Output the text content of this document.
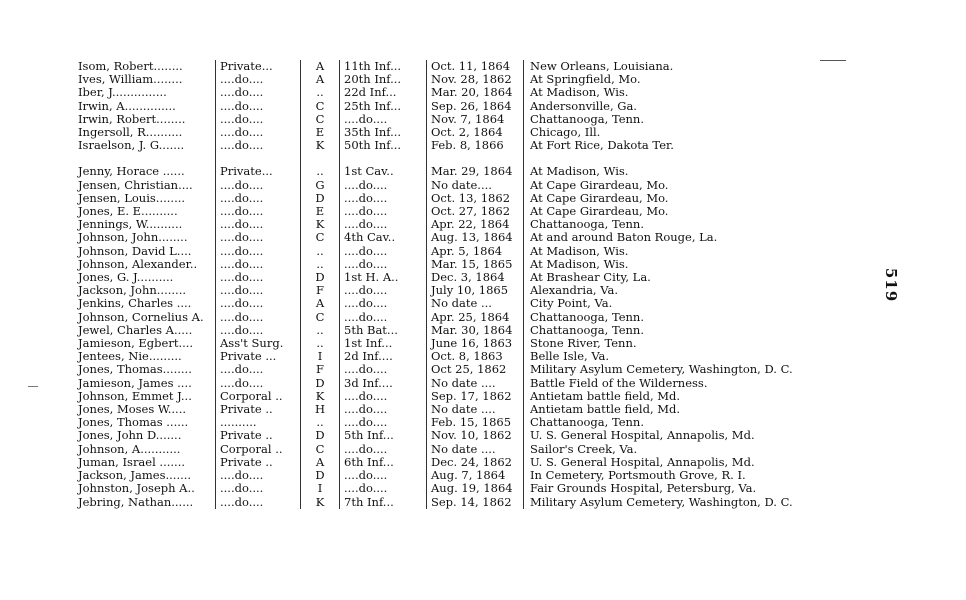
Isom, Robert........	Private...	A	11th Inf...	Oct. 11, 1864	New Orleans, Louisiana.
Ives, William........	....do....	A	20th Inf...	Nov. 28, 1862	At Springfield, Mo.
Iber, J...............	....do....	..	22d Inf...	Mar. 20, 1864	At Madison, Wis.
Irwin, A..............	....do....	C	25th Inf...	Sep. 26, 1864	Andersonville, Ga.
Irwin, Robert........	....do....	C	....do....	Nov. 7, 1864	Chattanooga, Tenn.
Ingersoll, R..........	....do....	E	35th Inf...	Oct. 2, 1864	Chicago, Ill.
Israelson, J. G.......	....do....	K	50th Inf...	Feb. 8, 1866	At Fort Rice, Dakota Ter.

Jenny, Horace ......	Private...	..	1st Cav..	Mar. 29, 1864	At Madison, Wis.
Jensen, Christian....	....do....	G	....do....	No date....	At Cape Girardeau, Mo.
Jensen, Louis........	....do....	D	....do....	Oct. 13, 1862	At Cape Girardeau, Mo.
Jones, E. E..........	....do....	E	....do....	Oct. 27, 1862	At Cape Girardeau, Mo.
Jennings, W..........	....do....	K	....do....	Apr. 22, 1864	Chattanooga, Tenn.
Johnson, John........	....do....	C	4th Cav..	Aug. 13, 1864	At and around Baton Rouge, La.
Johnson, David L....	....do....	..	....do....	Apr. 5, 1864	At Madison, Wis.
Johnson, Alexander..	....do....	..	....do....	Mar. 15, 1865	At Madison, Wis.
Jones, G. J..........	....do....	D	1st H. A..	Dec. 3, 1864	At Brashear City, La.
Jackson, John........	....do....	F	....do....	July 10, 1865	Alexandria, Va.
Jenkins, Charles ....	....do....	A	....do....	No date ...	City Point, Va.
Johnson, Cornelius A.	....do....	C	....do....	Apr. 25, 1864	Chattanooga, Tenn.
Jewel, Charles A.....	....do....	..	5th Bat...	Mar. 30, 1864	Chattanooga, Tenn.
Jamieson, Egbert....	Ass't Surg.	..	1st Inf...	June 16, 1863	Stone River, Tenn.
Jentees, Nie.........	Private ...	I	2d Inf....	Oct. 8, 1863	Belle Isle, Va.
Jones, Thomas........	....do....	F	....do....	Oct 25, 1862	Military Asylum Cemetery, Washington, D. C.
Jamieson, James ....	....do....	D	3d Inf....	No date ....	Battle Field of the Wilderness.
Johnson, Emmet J...	Corporal ..	K	....do....	Sep. 17, 1862	Antietam battle field, Md.
Jones, Moses W.....	Private ..	H	....do....	No date ....	Antietam battle field, Md.
Jones, Thomas ......	..........	..	....do....	Feb. 15, 1865	Chattanooga, Tenn.
Jones, John D.......	Private ..	D	5th Inf...	Nov. 10, 1862	U. S. General Hospital, Annapolis, Md.
Johnson, A...........	Corporal ..	C	....do....	No date ....	Sailor's Creek, Va.
Juman, Israel .......	Private ..	A	6th Inf...	Dec. 24, 1862	U. S. General Hospital, Annapolis, Md.
Jackson, James.......	....do....	D	....do....	Aug. 7, 1864	In Cemetery, Portsmouth Grove, R. I.
Johnston, Joseph A..	....do....	I	....do....	Aug. 19, 1864	Fair Grounds Hospital, Petersburg, Va.
Jebring, Nathan......	....do....	K	7th Inf...	Sep. 14, 1862	Military Asylum Cemetery, Washington, D. C.
519
